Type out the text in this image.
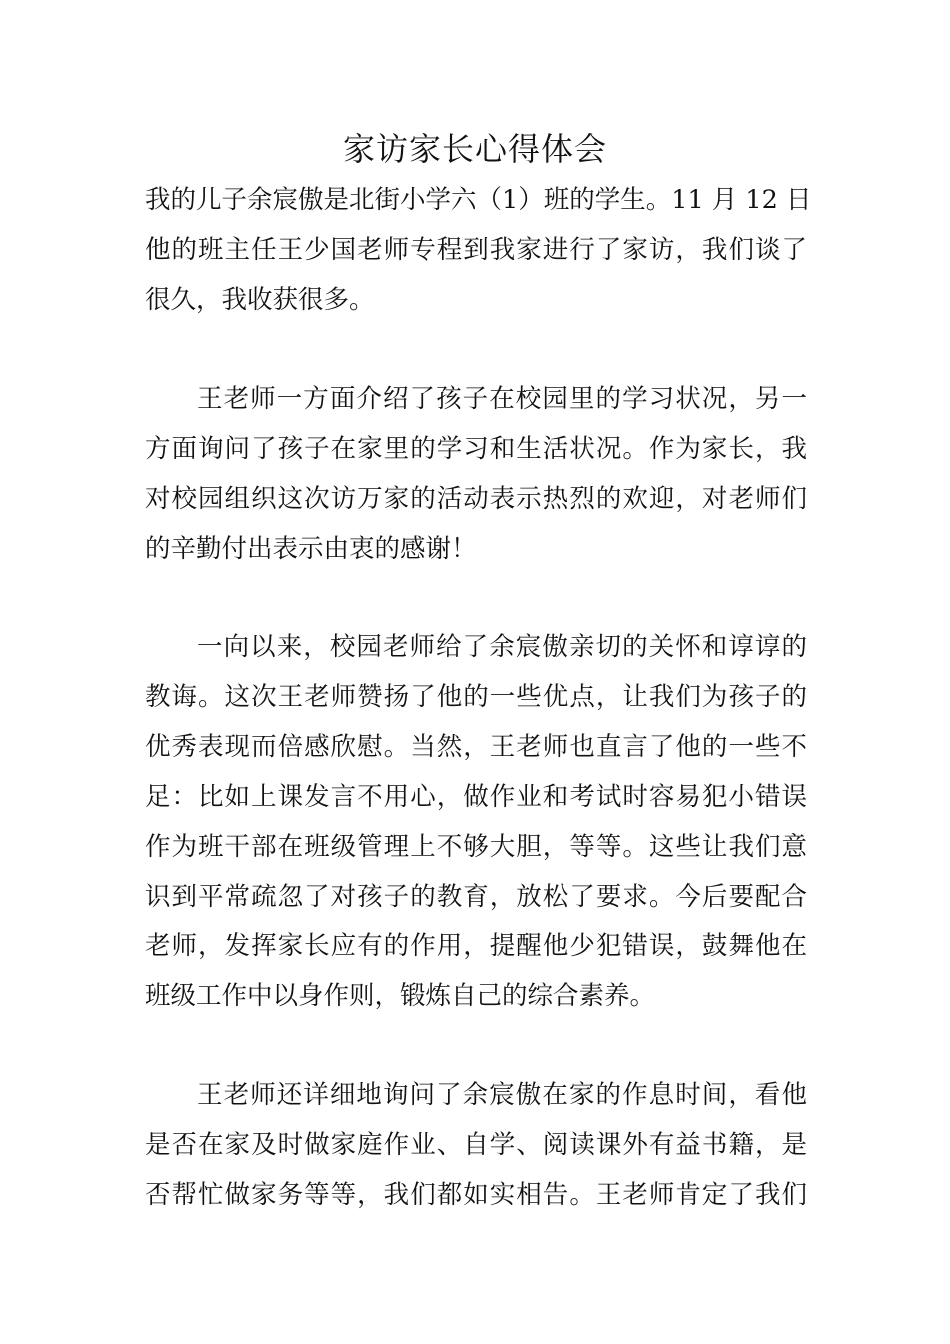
家访家长心得体会
我的儿子余宸傲是北街小学六（1）班的学生。11 月 12 日
他的班主任王少国老师专程到我家进行了家访，我们谈了
很久，我收获很多。
王老师一方面介绍了孩子在校园里的学习状况，另一
方面询问了孩子在家里的学习和生活状况。作为家长，我
对校园组织这次访万家的活动表示热烈的欢迎，对老师们
的辛勤付出表示由衷的感谢！
一向以来，校园老师给了余宸傲亲切的关怀和谆谆的
教诲。这次王老师赞扬了他的一些优点，让我们为孩子的
优秀表现而倍感欣慰。当然，王老师也直言了他的一些不
足：比如上课发言不用心，做作业和考试时容易犯小错误
作为班干部在班级管理上不够大胆，等等。这些让我们意
识到平常疏忽了对孩子的教育，放松了要求。今后要配合
老师，发挥家长应有的作用，提醒他少犯错误，鼓舞他在
班级工作中以身作则，锻炼自己的综合素养。
王老师还详细地询问了余宸傲在家的作息时间，看他
是否在家及时做家庭作业、自学、阅读课外有益书籍，是
否帮忙做家务等等，我们都如实相告。王老师肯定了我们
